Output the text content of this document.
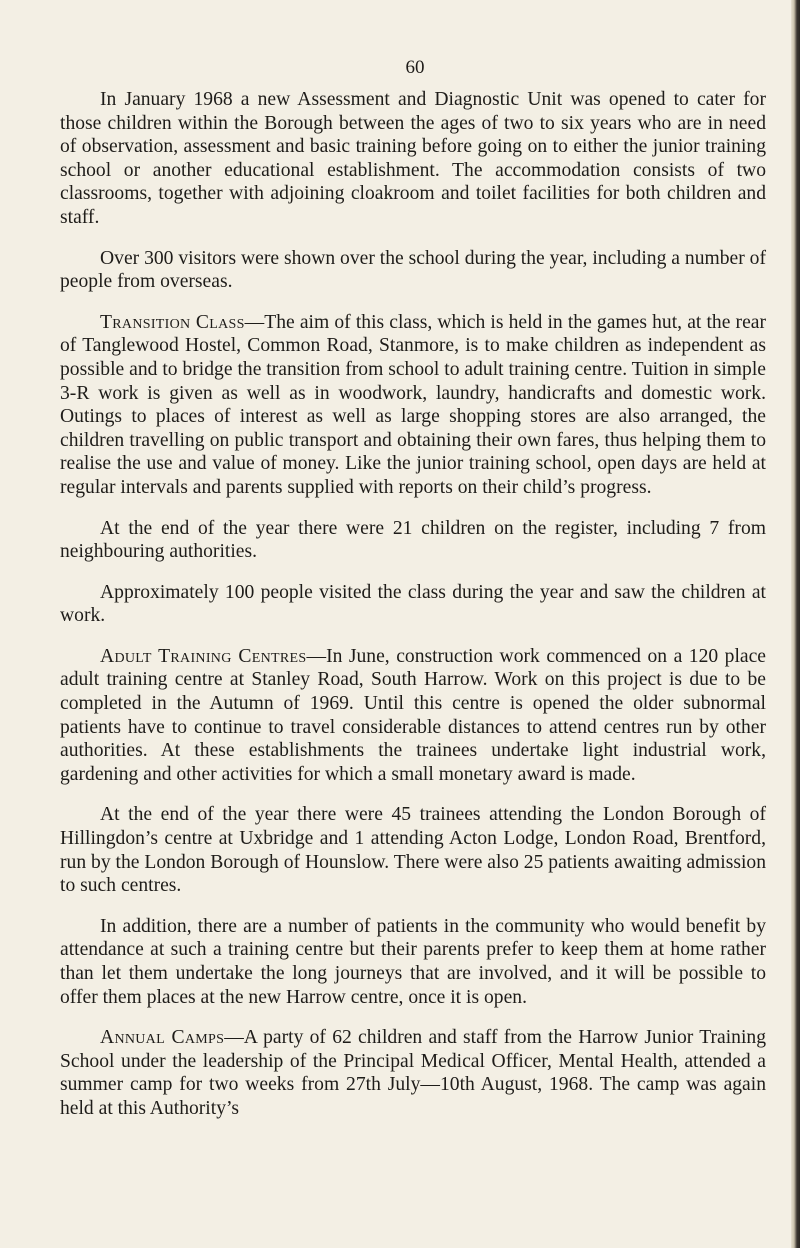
60

In January 1968 a new Assessment and Diagnostic Unit was opened to cater for those children within the Borough between the ages of two to six years who are in need of observation, assessment and basic training before going on to either the junior training school or another educational establishment. The accommodation consists of two classrooms, together with adjoining cloakroom and toilet facilities for both children and staff.

Over 300 visitors were shown over the school during the year, including a number of people from overseas.

Transition Class—The aim of this class, which is held in the games hut, at the rear of Tanglewood Hostel, Common Road, Stanmore, is to make children as independent as possible and to bridge the transition from school to adult training centre. Tuition in simple 3-R work is given as well as in woodwork, laundry, handicrafts and domestic work. Outings to places of interest as well as large shopping stores are also arranged, the children travelling on public transport and obtaining their own fares, thus helping them to realise the use and value of money. Like the junior training school, open days are held at regular intervals and parents supplied with reports on their child’s progress.

At the end of the year there were 21 children on the register, including 7 from neighbouring authorities.

Approximately 100 people visited the class during the year and saw the children at work.

Adult Training Centres—In June, construction work commenced on a 120 place adult training centre at Stanley Road, South Harrow. Work on this project is due to be completed in the Autumn of 1969. Until this centre is opened the older subnormal patients have to continue to travel considerable distances to attend centres run by other authorities. At these establishments the trainees undertake light industrial work, gardening and other activities for which a small monetary award is made.

At the end of the year there were 45 trainees attending the London Borough of Hillingdon’s centre at Uxbridge and 1 attending Acton Lodge, London Road, Brentford, run by the London Borough of Hounslow. There were also 25 patients awaiting admission to such centres.

In addition, there are a number of patients in the community who would benefit by attendance at such a training centre but their parents prefer to keep them at home rather than let them undertake the long journeys that are involved, and it will be possible to offer them places at the new Harrow centre, once it is open.

Annual Camps—A party of 62 children and staff from the Harrow Junior Training School under the leadership of the Principal Medical Officer, Mental Health, attended a summer camp for two weeks from 27th July—10th August, 1968. The camp was again held at this Authority’s
